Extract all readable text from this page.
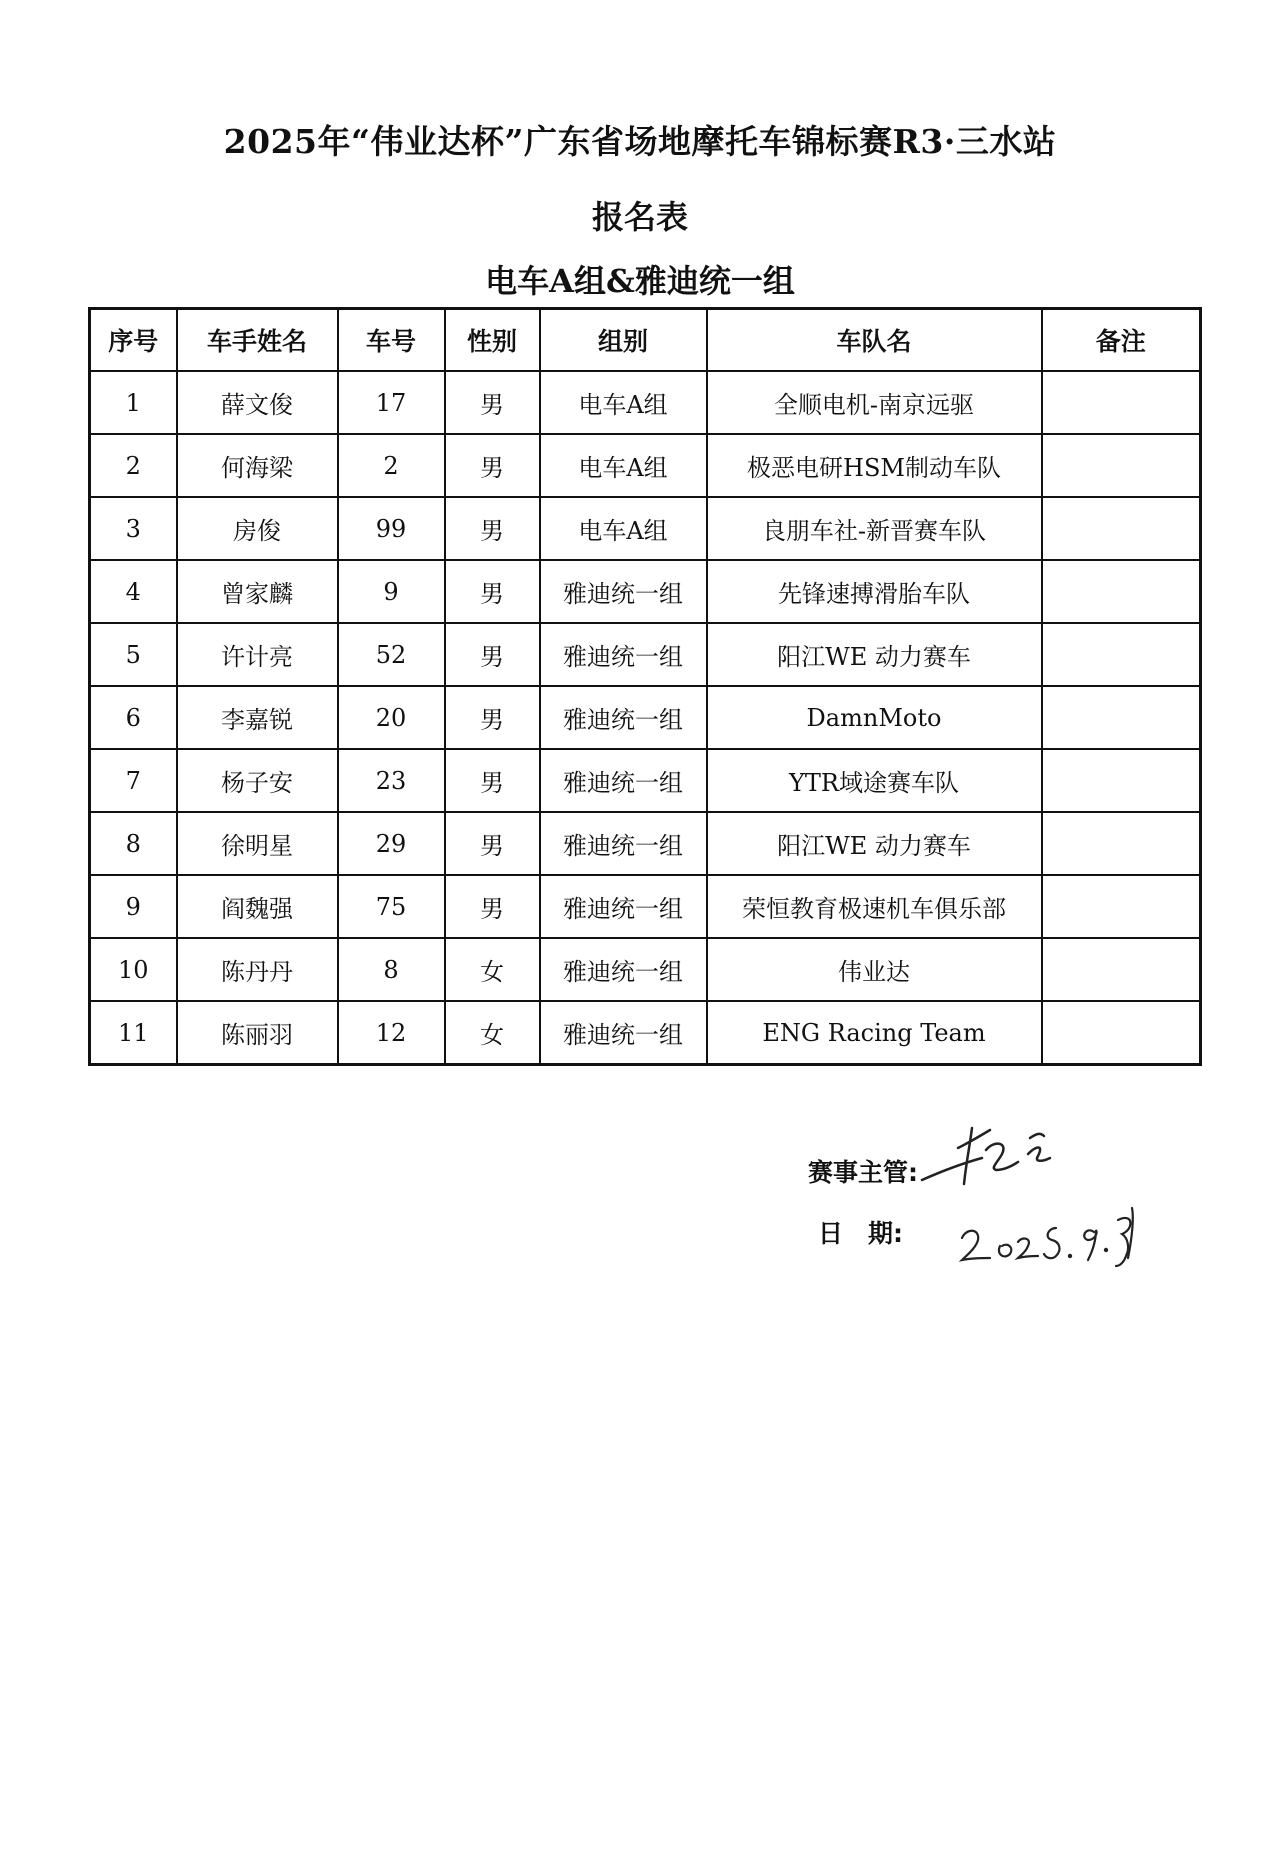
2025年“伟业达杯”广东省场地摩托车锦标赛R3·三水站
报名表
电车A组&雅迪统一组
序号	车手姓名	车号	性别	组别	车队名	备注
1	薛文俊	17	男	电车A组	全顺电机-南京远驱	
2	何海梁	2	男	电车A组	极恶电研HSM制动车队	
3	房俊	99	男	电车A组	良朋车社-新晋赛车队	
4	曾家麟	9	男	雅迪统一组	先锋速搏滑胎车队	
5	许计亮	52	男	雅迪统一组	阳江WE 动力赛车	
6	李嘉锐	20	男	雅迪统一组	DamnMoto	
7	杨子安	23	男	雅迪统一组	YTR域途赛车队	
8	徐明星	29	男	雅迪统一组	阳江WE 动力赛车	
9	阎魏强	75	男	雅迪统一组	荣恒教育极速机车俱乐部	
10	陈丹丹	8	女	雅迪统一组	伟业达	
11	陈丽羽	12	女	雅迪统一组	ENG Racing Team	
赛事主管:
日　期:
